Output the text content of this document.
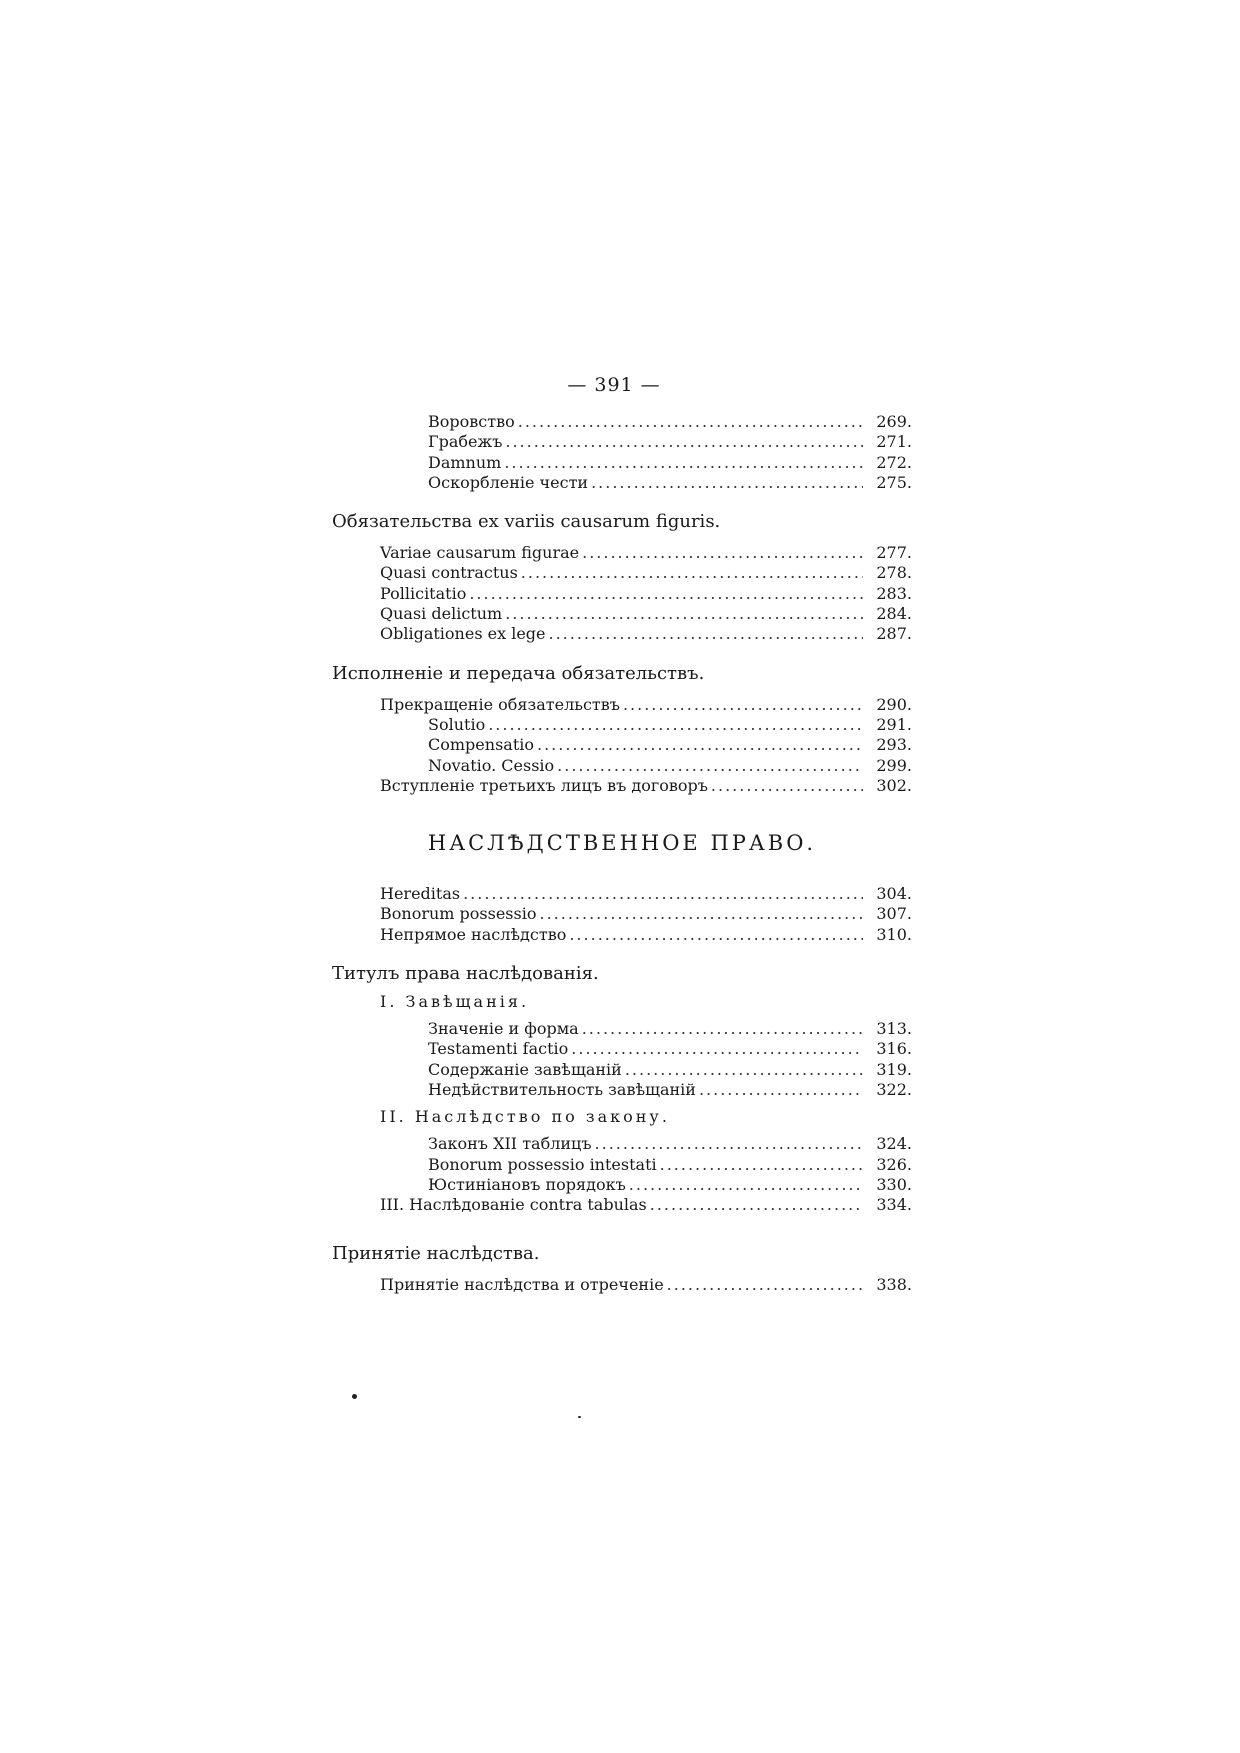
— 391 —
Воровство .....	269.
Грабежъ .....	271.
Damnum .....	272.
Оскорбленіе чести .....	275.
Обязательства ex variis causarum figuris.
Variae causarum figurae .....	277.
Quasi contractus .....	278.
Pollicitatio .....	283.
Quasi delictum .....	284.
Obligationes ex lege .....	287.
Исполненіе и передача обязательствъ.
Прекращеніе обязательствъ .....	290.
Solutio .....	291.
Compensatio .....	293.
Novatio. Cessio .....	299.
Вступленіе третьихъ лицъ въ договоръ .....	302.
НАСЛѢДСТВЕННОЕ ПРАВО.
Hereditas .....	304.
Bonorum possessio .....	307.
Непрямое наслѣдство .....	310.
Титулъ права наслѣдованія.
I. Завѣщанія.
Значеніе и форма .....	313.
Testamenti factio .....	316.
Содержаніе завѣщаній .....	319.
Недѣйствительность завѣщаній .....	322.
II. Наслѣдство по закону.
Законъ XII таблицъ .....	324.
Bonorum possessio intestati .....	326.
Юстиніановъ порядокъ .....	330.
III. Наслѣдованіе contra tabulas .....	334.
Принятіе наслѣдства.
Принятіе наслѣдства и отреченіе .....	338.
